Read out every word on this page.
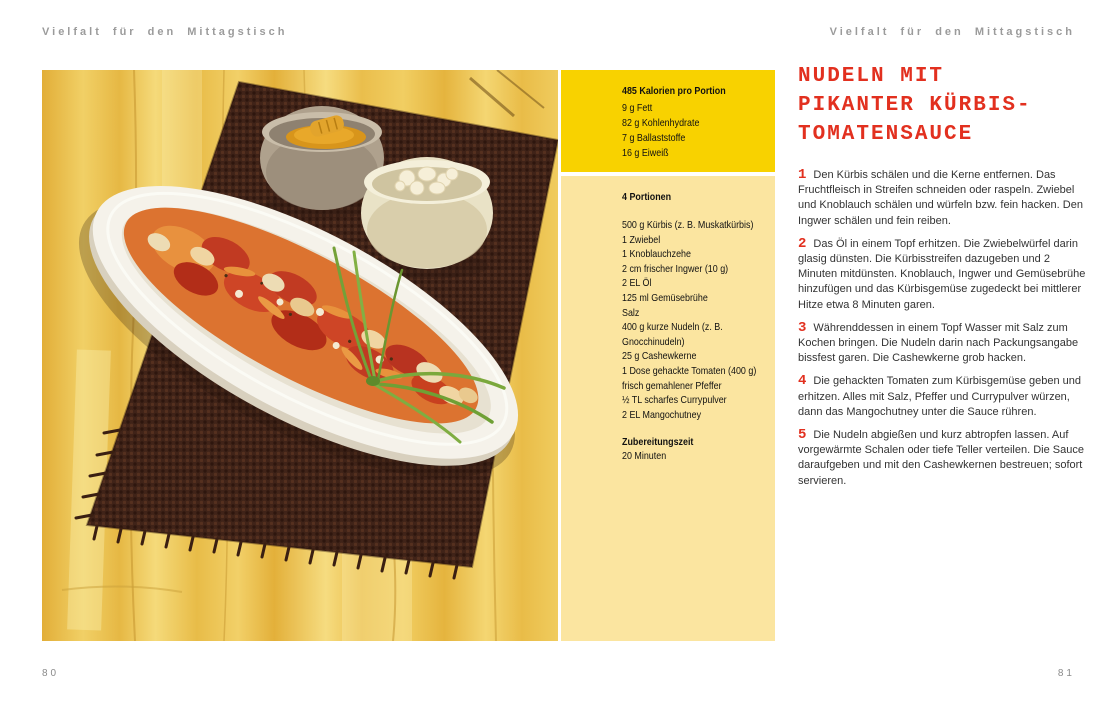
Vielfalt für den Mittagstisch	Vielfalt für den Mittagstisch
485 Kalorien pro Portion
9 g Fett
82 g Kohlenhydrate
7 g Ballaststoffe
16 g Eiweiß
4 Portionen
500 g Kürbis (z. B. Muskatkürbis)
1 Zwiebel
1 Knoblauchzehe
2 cm frischer Ingwer (10 g)
2 EL Öl
125 ml Gemüsebrühe
Salz
400 g kurze Nudeln (z. B. Gnocchinudeln)
25 g Cashewkerne
1 Dose gehackte Tomaten (400 g)
frisch gemahlener Pfeffer
½ TL scharfes Currypulver
2 EL Mangochutney
Zubereitungszeit
20 Minuten
NUDELN MIT
PIKANTER KÜRBIS-
TOMATENSAUCE

1 Den Kürbis schälen und die Kerne entfernen. Das Fruchtfleisch in Streifen schneiden oder raspeln. Zwiebel und Knoblauch schälen und würfeln bzw. fein hacken. Den Ingwer schälen und fein reiben.

2 Das Öl in einem Topf erhitzen. Die Zwiebelwürfel darin glasig dünsten. Die Kürbisstreifen dazugeben und 2 Minuten mitdünsten. Knoblauch, Ingwer und Gemüsebrühe hinzufügen und das Kürbisgemüse zugedeckt bei mittlerer Hitze etwa 8 Minuten garen.

3 Währenddessen in einem Topf Wasser mit Salz zum Kochen bringen. Die Nudeln darin nach Packungsangabe bissfest garen. Die Cashewkerne grob hacken.

4 Die gehackten Tomaten zum Kürbisgemüse geben und erhitzen. Alles mit Salz, Pfeffer und Currypulver würzen, dann das Mangochutney unter die Sauce rühren.

5 Die Nudeln abgießen und kurz abtropfen lassen. Auf vorgewärmte Schalen oder tiefe Teller verteilen. Die Sauce daraufgeben und mit den Cashewkernen bestreuen; sofort servieren.

80	81
